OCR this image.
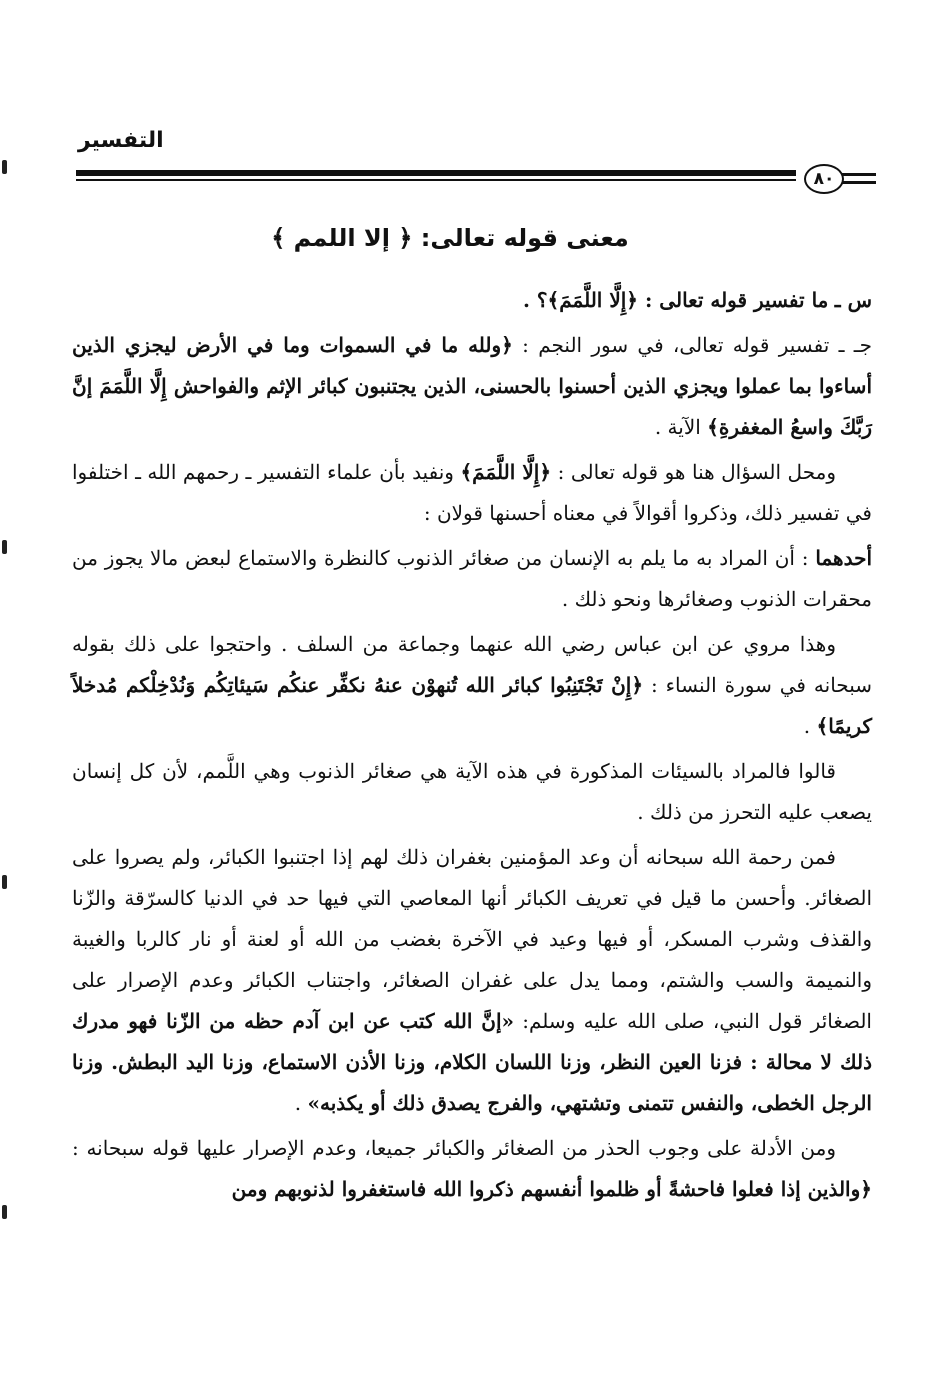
التفسير
٨٠
معنى قوله تعالى: ﴿ إلا اللمم ﴾

س ـ ما تفسير قوله تعالى : ﴿إِلَّا اللَّمَمَ﴾؟ .

جـ ـ تفسير قوله تعالى، في سور النجم : ﴿ولله ما في السموات وما في الأرض ليجزي الذين أساءوا بما عملوا ويجزي الذين أحسنوا بالحسنى، الذين يجتنبون كبائر الإثم والفواحش إِلَّا اللَّمَمَ إنَّ رَبَّكَ واسعُ المغفرةِ﴾ الآية .

ومحل السؤال هنا هو قوله تعالى : ﴿إِلَّا اللَّمَمَ﴾ ونفيد بأن علماء التفسير ـ رحمهم الله ـ اختلفوا في تفسير ذلك، وذكروا أقوالاً في معناه أحسنها قولان :

أحدهما : أن المراد به ما يلم به الإنسان من صغائر الذنوب كالنظرة والاستماع لبعض مالا يجوز من محقرات الذنوب وصغائرها ونحو ذلك .

وهذا مروي عن ابن عباس رضي الله عنهما وجماعة من السلف . واحتجوا على ذلك بقوله سبحانه في سورة النساء : ﴿إِنْ تَجْتَنِبُوا كبائر الله تُنهوْن عنهُ نكفِّر عنكُم سَيئاتِكُم وَنُدْخِلْكم مُدخلاً كريمًا﴾ .

قالوا فالمراد بالسيئات المذكورة في هذه الآية هي صغائر الذنوب وهي اللَّمم، لأن كل إنسان يصعب عليه التحرز من ذلك .

فمن رحمة الله سبحانه أن وعد المؤمنين بغفران ذلك لهم إذا اجتنبوا الكبائر، ولم يصروا على الصغائر. وأحسن ما قيل في تعريف الكبائر أنها المعاصي التي فيها حد في الدنيا كالسرّقة والزّنا والقذف وشرب المسكر، أو فيها وعيد في الآخرة بغضب من الله أو لعنة أو نار كالربا والغيبة والنميمة والسب والشتم، ومما يدل على غفران الصغائر، واجتناب الكبائر وعدم الإصرار على الصغائر قول النبي، صلى الله عليه وسلم: «إنَّ الله كتب عن ابن آدم حظه من الزّنا فهو مدرك ذلك لا محالة : فزنا العين النظر، وزنا اللسان الكلام، وزنا الأذن الاستماع، وزنا اليد البطش. وزنا الرجل الخطى، والنفس تتمنى وتشتهي، والفرج يصدق ذلك أو يكذبه» .

ومن الأدلة على وجوب الحذر من الصغائر والكبائر جميعا، وعدم الإصرار عليها قوله سبحانه : ﴿والذين إذا فعلوا فاحشةً أو ظلموا أنفسهم ذكروا الله فاستغفروا لذنوبهم ومن
